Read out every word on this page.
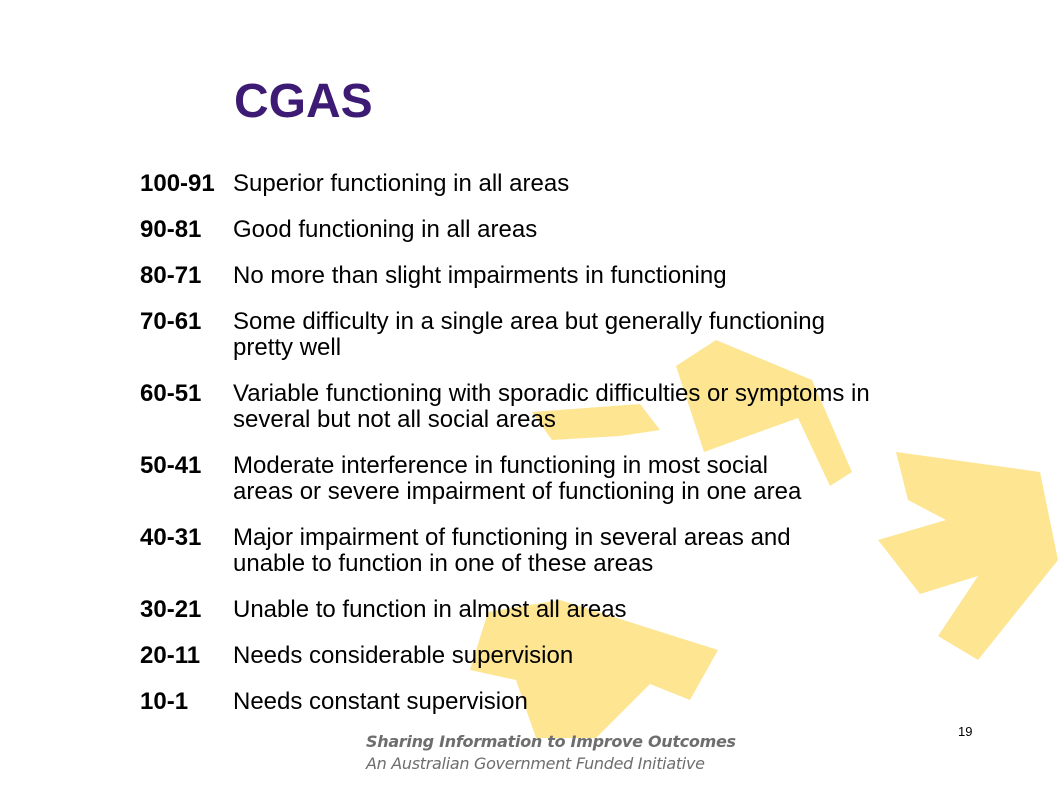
CGAS
100-91 Superior functioning in all areas
90-81	Good functioning in all areas
80-71	No more than slight impairments in functioning
70-61	Some difficulty in a single area but generally functioning
pretty well
60-51	Variable functioning with sporadic difficulties or symptoms in
several but not all social areas
50-41	Moderate interference in functioning in most social
areas or severe impairment of functioning in one area
40-31	Major impairment of functioning in several areas and
unable to function in one of these areas
30-21	Unable to function in almost all areas
20-11	Needs considerable supervision
10-1	Needs constant supervision
19
Sharing Information to Improve Outcomes
An Australian Government Funded Initiative
